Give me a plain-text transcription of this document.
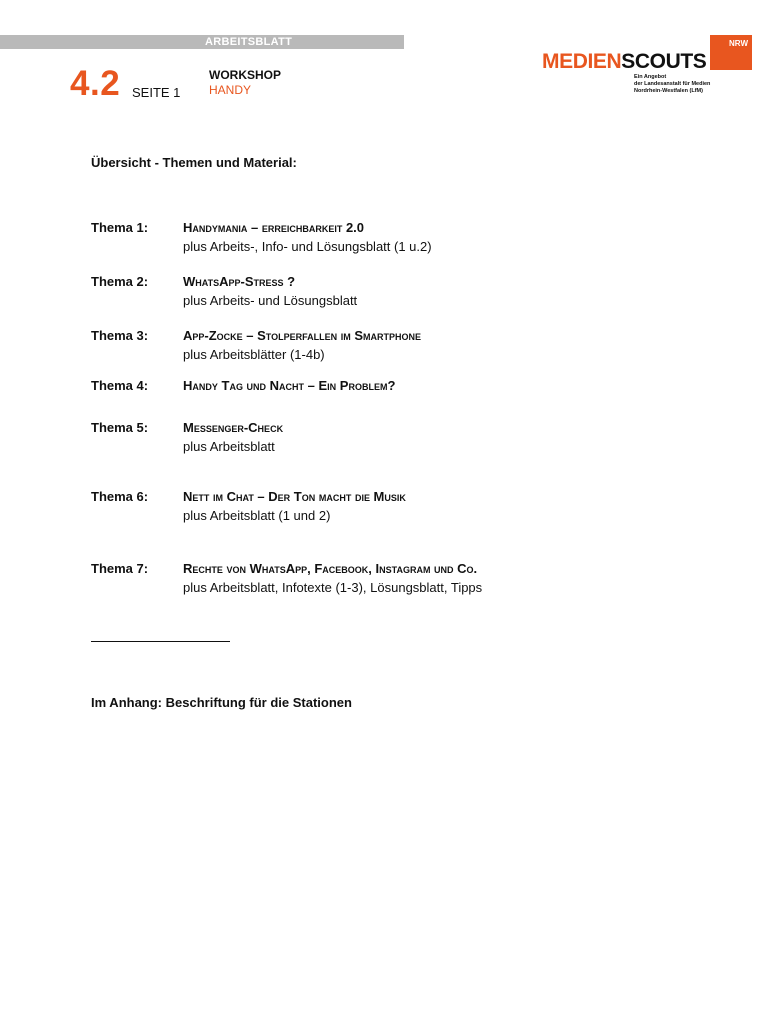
ARBEITSBLATT
4.2 SEITE 1
WORKSHOP
HANDY
NRW
MEDIENSCOUTS
Ein Angebot
der Landesanstalt für Medien
Nordrhein-Westfalen (LfM)
Übersicht - Themen und Material:
Thema 1:	Handymania – erreichbarkeit 2.0
plus Arbeits-, Info- und Lösungsblatt (1 u.2)
Thema 2:	WhatsApp-Stress ?
plus Arbeits- und Lösungsblatt
Thema 3:	App-Zocke – Stolperfallen im Smartphone
plus Arbeitsblätter (1-4b)
Thema 4:	Handy Tag und Nacht – Ein Problem?
Thema 5:	Messenger-Check
plus Arbeitsblatt
Thema 6:	Nett im Chat – Der Ton macht die Musik
plus Arbeitsblatt (1 und 2)
Thema 7:	Rechte von WhatsApp, Facebook, Instagram und Co.
plus Arbeitsblatt, Infotexte (1-3), Lösungsblatt, Tipps
Im Anhang: Beschriftung für die Stationen
